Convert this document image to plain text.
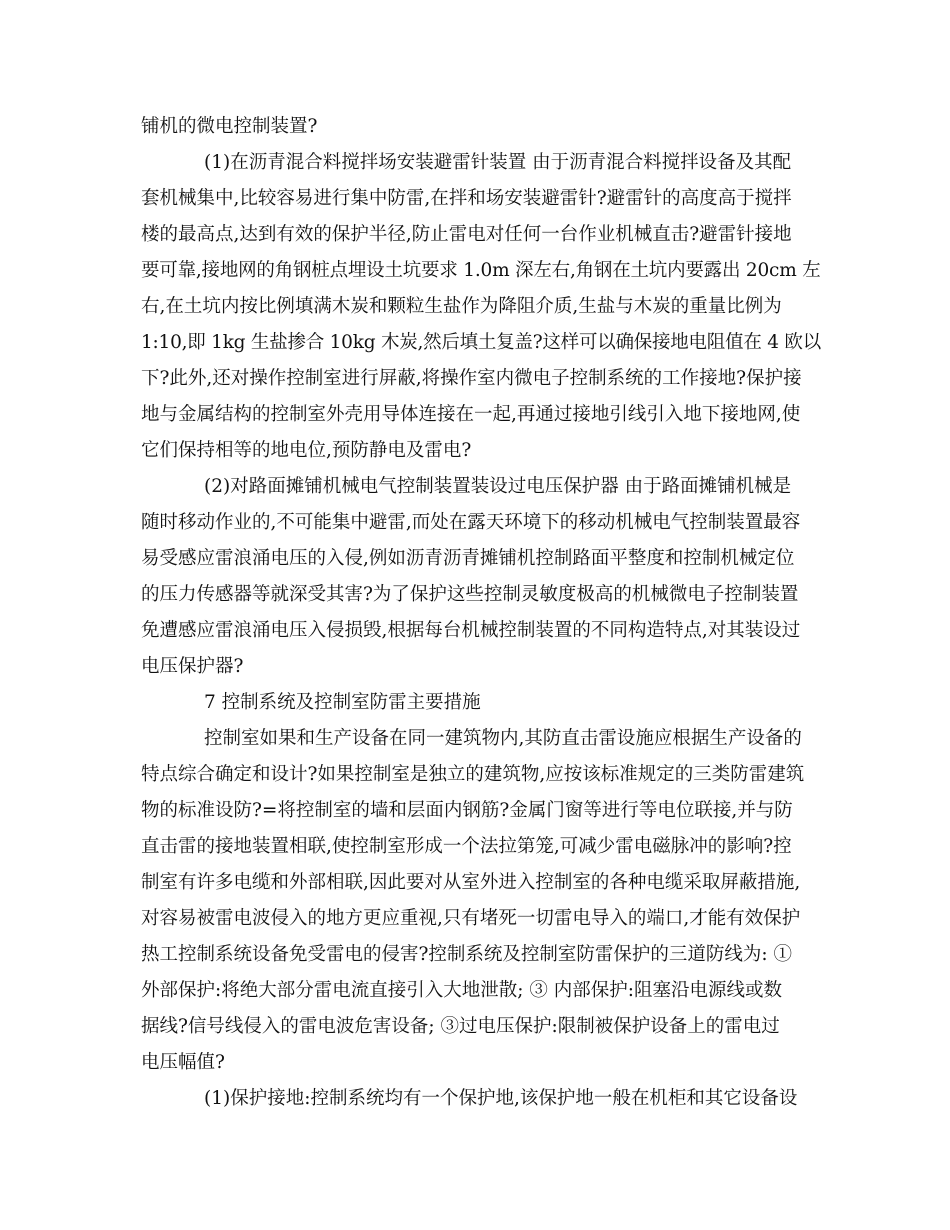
铺机的微电控制装置?
(1)在沥青混合料搅拌场安装避雷针装置 由于沥青混合料搅拌设备及其配
套机械集中,比较容易进行集中防雷,在拌和场安装避雷针?避雷针的高度高于搅拌
楼的最高点,达到有效的保护半径,防止雷电对任何一台作业机械直击?避雷针接地
要可靠,接地网的角钢桩点埋设土坑要求 1.0m 深左右,角钢在土坑内要露出 20cm 左
右,在土坑内按比例填满木炭和颗粒生盐作为降阻介质,生盐与木炭的重量比例为
1:10,即 1kg 生盐掺合 10kg 木炭,然后填土复盖?这样可以确保接地电阻值在 4 欧以
下?此外,还对操作控制室进行屏蔽,将操作室内微电子控制系统的工作接地?保护接
地与金属结构的控制室外壳用导体连接在一起,再通过接地引线引入地下接地网,使
它们保持相等的地电位,预防静电及雷电?
(2)对路面摊铺机械电气控制装置装设过电压保护器 由于路面摊铺机械是
随时移动作业的,不可能集中避雷,而处在露天环境下的移动机械电气控制装置最容
易受感应雷浪涌电压的入侵,例如沥青沥青摊铺机控制路面平整度和控制机械定位
的压力传感器等就深受其害?为了保护这些控制灵敏度极高的机械微电子控制装置
免遭感应雷浪涌电压入侵损毁,根据每台机械控制装置的不同构造特点,对其装设过
电压保护器?
7 控制系统及控制室防雷主要措施
控制室如果和生产设备在同一建筑物内,其防直击雷设施应根据生产设备的
特点综合确定和设计?如果控制室是独立的建筑物,应按该标准规定的三类防雷建筑
物的标准设防?=将控制室的墙和层面内钢筋?金属门窗等进行等电位联接,并与防
直击雷的接地装置相联,使控制室形成一个法拉第笼,可减少雷电磁脉冲的影响?控
制室有许多电缆和外部相联,因此要对从室外进入控制室的各种电缆采取屏蔽措施,
对容易被雷电波侵入的地方更应重视,只有堵死一切雷电导入的端口,才能有效保护
热工控制系统设备免受雷电的侵害?控制系统及控制室防雷保护的三道防线为: ①
外部保护:将绝大部分雷电流直接引入大地泄散; ③ 内部保护:阻塞沿电源线或数
据线?信号线侵入的雷电波危害设备; ③过电压保护:限制被保护设备上的雷电过
电压幅值?
(1)保护接地:控制系统均有一个保护地,该保护地一般在机柜和其它设备设
